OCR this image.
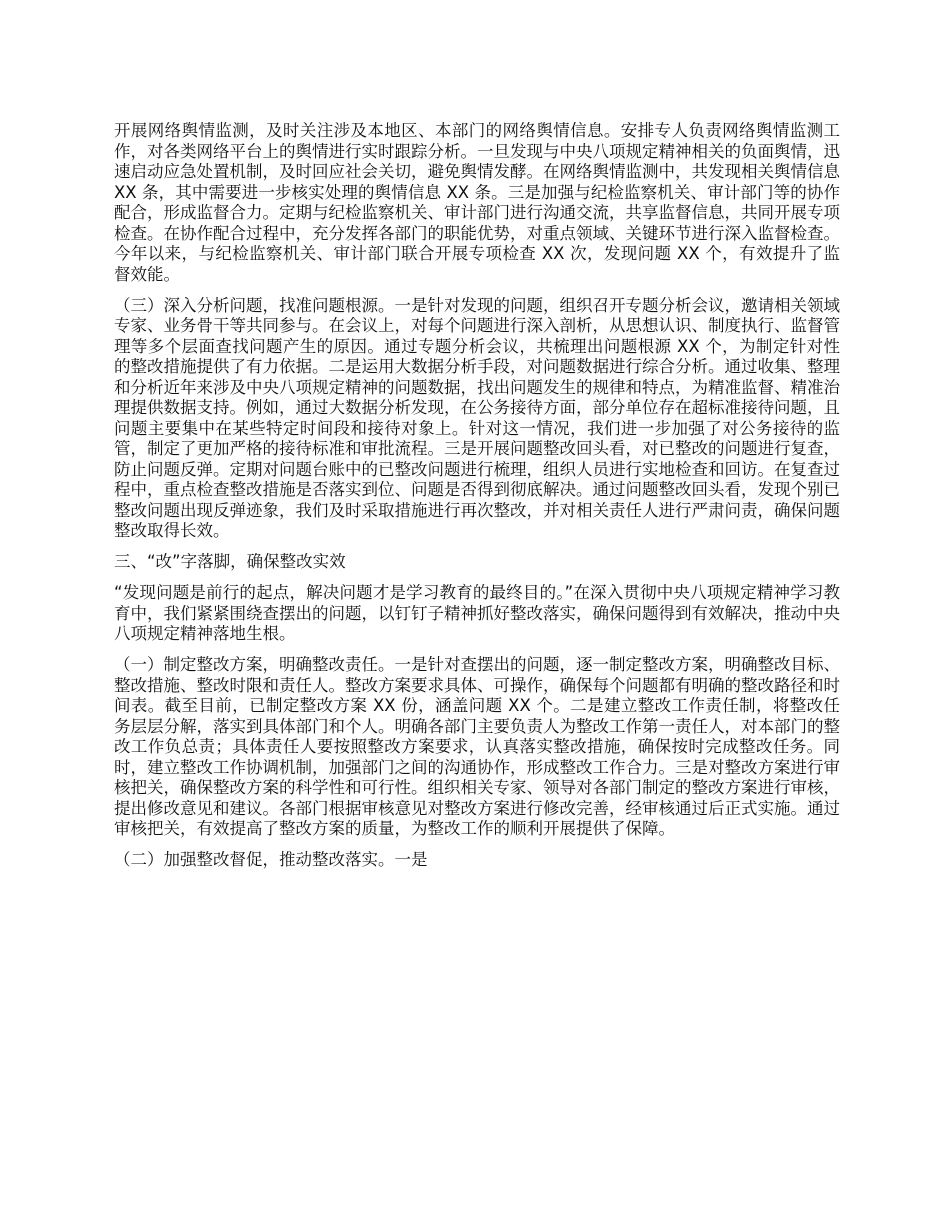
开展网络舆情监测，及时关注涉及本地区、本部门的网络舆情信息。安排专人负责网络舆情监测工作，对各类网络平台上的舆情进行实时跟踪分析。一旦发现与中央八项规定精神相关的负面舆情，迅速启动应急处置机制，及时回应社会关切，避免舆情发酵。在网络舆情监测中，共发现相关舆情信息 XX 条，其中需要进一步核实处理的舆情信息 XX 条。三是加强与纪检监察机关、审计部门等的协作配合，形成监督合力。定期与纪检监察机关、审计部门进行沟通交流，共享监督信息，共同开展专项检查。在协作配合过程中，充分发挥各部门的职能优势，对重点领域、关键环节进行深入监督检查。今年以来，与纪检监察机关、审计部门联合开展专项检查 XX 次，发现问题 XX 个，有效提升了监督效能。

（三）深入分析问题，找准问题根源。一是针对发现的问题，组织召开专题分析会议，邀请相关领域专家、业务骨干等共同参与。在会议上，对每个问题进行深入剖析，从思想认识、制度执行、监督管理等多个层面查找问题产生的原因。通过专题分析会议，共梳理出问题根源 XX 个，为制定针对性的整改措施提供了有力依据。二是运用大数据分析手段，对问题数据进行综合分析。通过收集、整理和分析近年来涉及中央八项规定精神的问题数据，找出问题发生的规律和特点，为精准监督、精准治理提供数据支持。例如，通过大数据分析发现，在公务接待方面，部分单位存在超标准接待问题，且问题主要集中在某些特定时间段和接待对象上。针对这一情况，我们进一步加强了对公务接待的监管，制定了更加严格的接待标准和审批流程。三是开展问题整改回头看，对已整改的问题进行复查，防止问题反弹。定期对问题台账中的已整改问题进行梳理，组织人员进行实地检查和回访。在复查过程中，重点检查整改措施是否落实到位、问题是否得到彻底解决。通过问题整改回头看，发现个别已整改问题出现反弹迹象，我们及时采取措施进行再次整改，并对相关责任人进行严肃问责，确保问题整改取得长效。

三、“改”字落脚，确保整改实效

“发现问题是前行的起点，解决问题才是学习教育的最终目的。”在深入贯彻中央八项规定精神学习教育中，我们紧紧围绕查摆出的问题，以钉钉子精神抓好整改落实，确保问题得到有效解决，推动中央八项规定精神落地生根。

（一）制定整改方案，明确整改责任。一是针对查摆出的问题，逐一制定整改方案，明确整改目标、整改措施、整改时限和责任人。整改方案要求具体、可操作，确保每个问题都有明确的整改路径和时间表。截至目前，已制定整改方案 XX 份，涵盖问题 XX 个。二是建立整改工作责任制，将整改任务层层分解，落实到具体部门和个人。明确各部门主要负责人为整改工作第一责任人，对本部门的整改工作负总责；具体责任人要按照整改方案要求，认真落实整改措施，确保按时完成整改任务。同时，建立整改工作协调机制，加强部门之间的沟通协作，形成整改工作合力。三是对整改方案进行审核把关，确保整改方案的科学性和可行性。组织相关专家、领导对各部门制定的整改方案进行审核，提出修改意见和建议。各部门根据审核意见对整改方案进行修改完善，经审核通过后正式实施。通过审核把关，有效提高了整改方案的质量，为整改工作的顺利开展提供了保障。

（二）加强整改督促，推动整改落实。一是
